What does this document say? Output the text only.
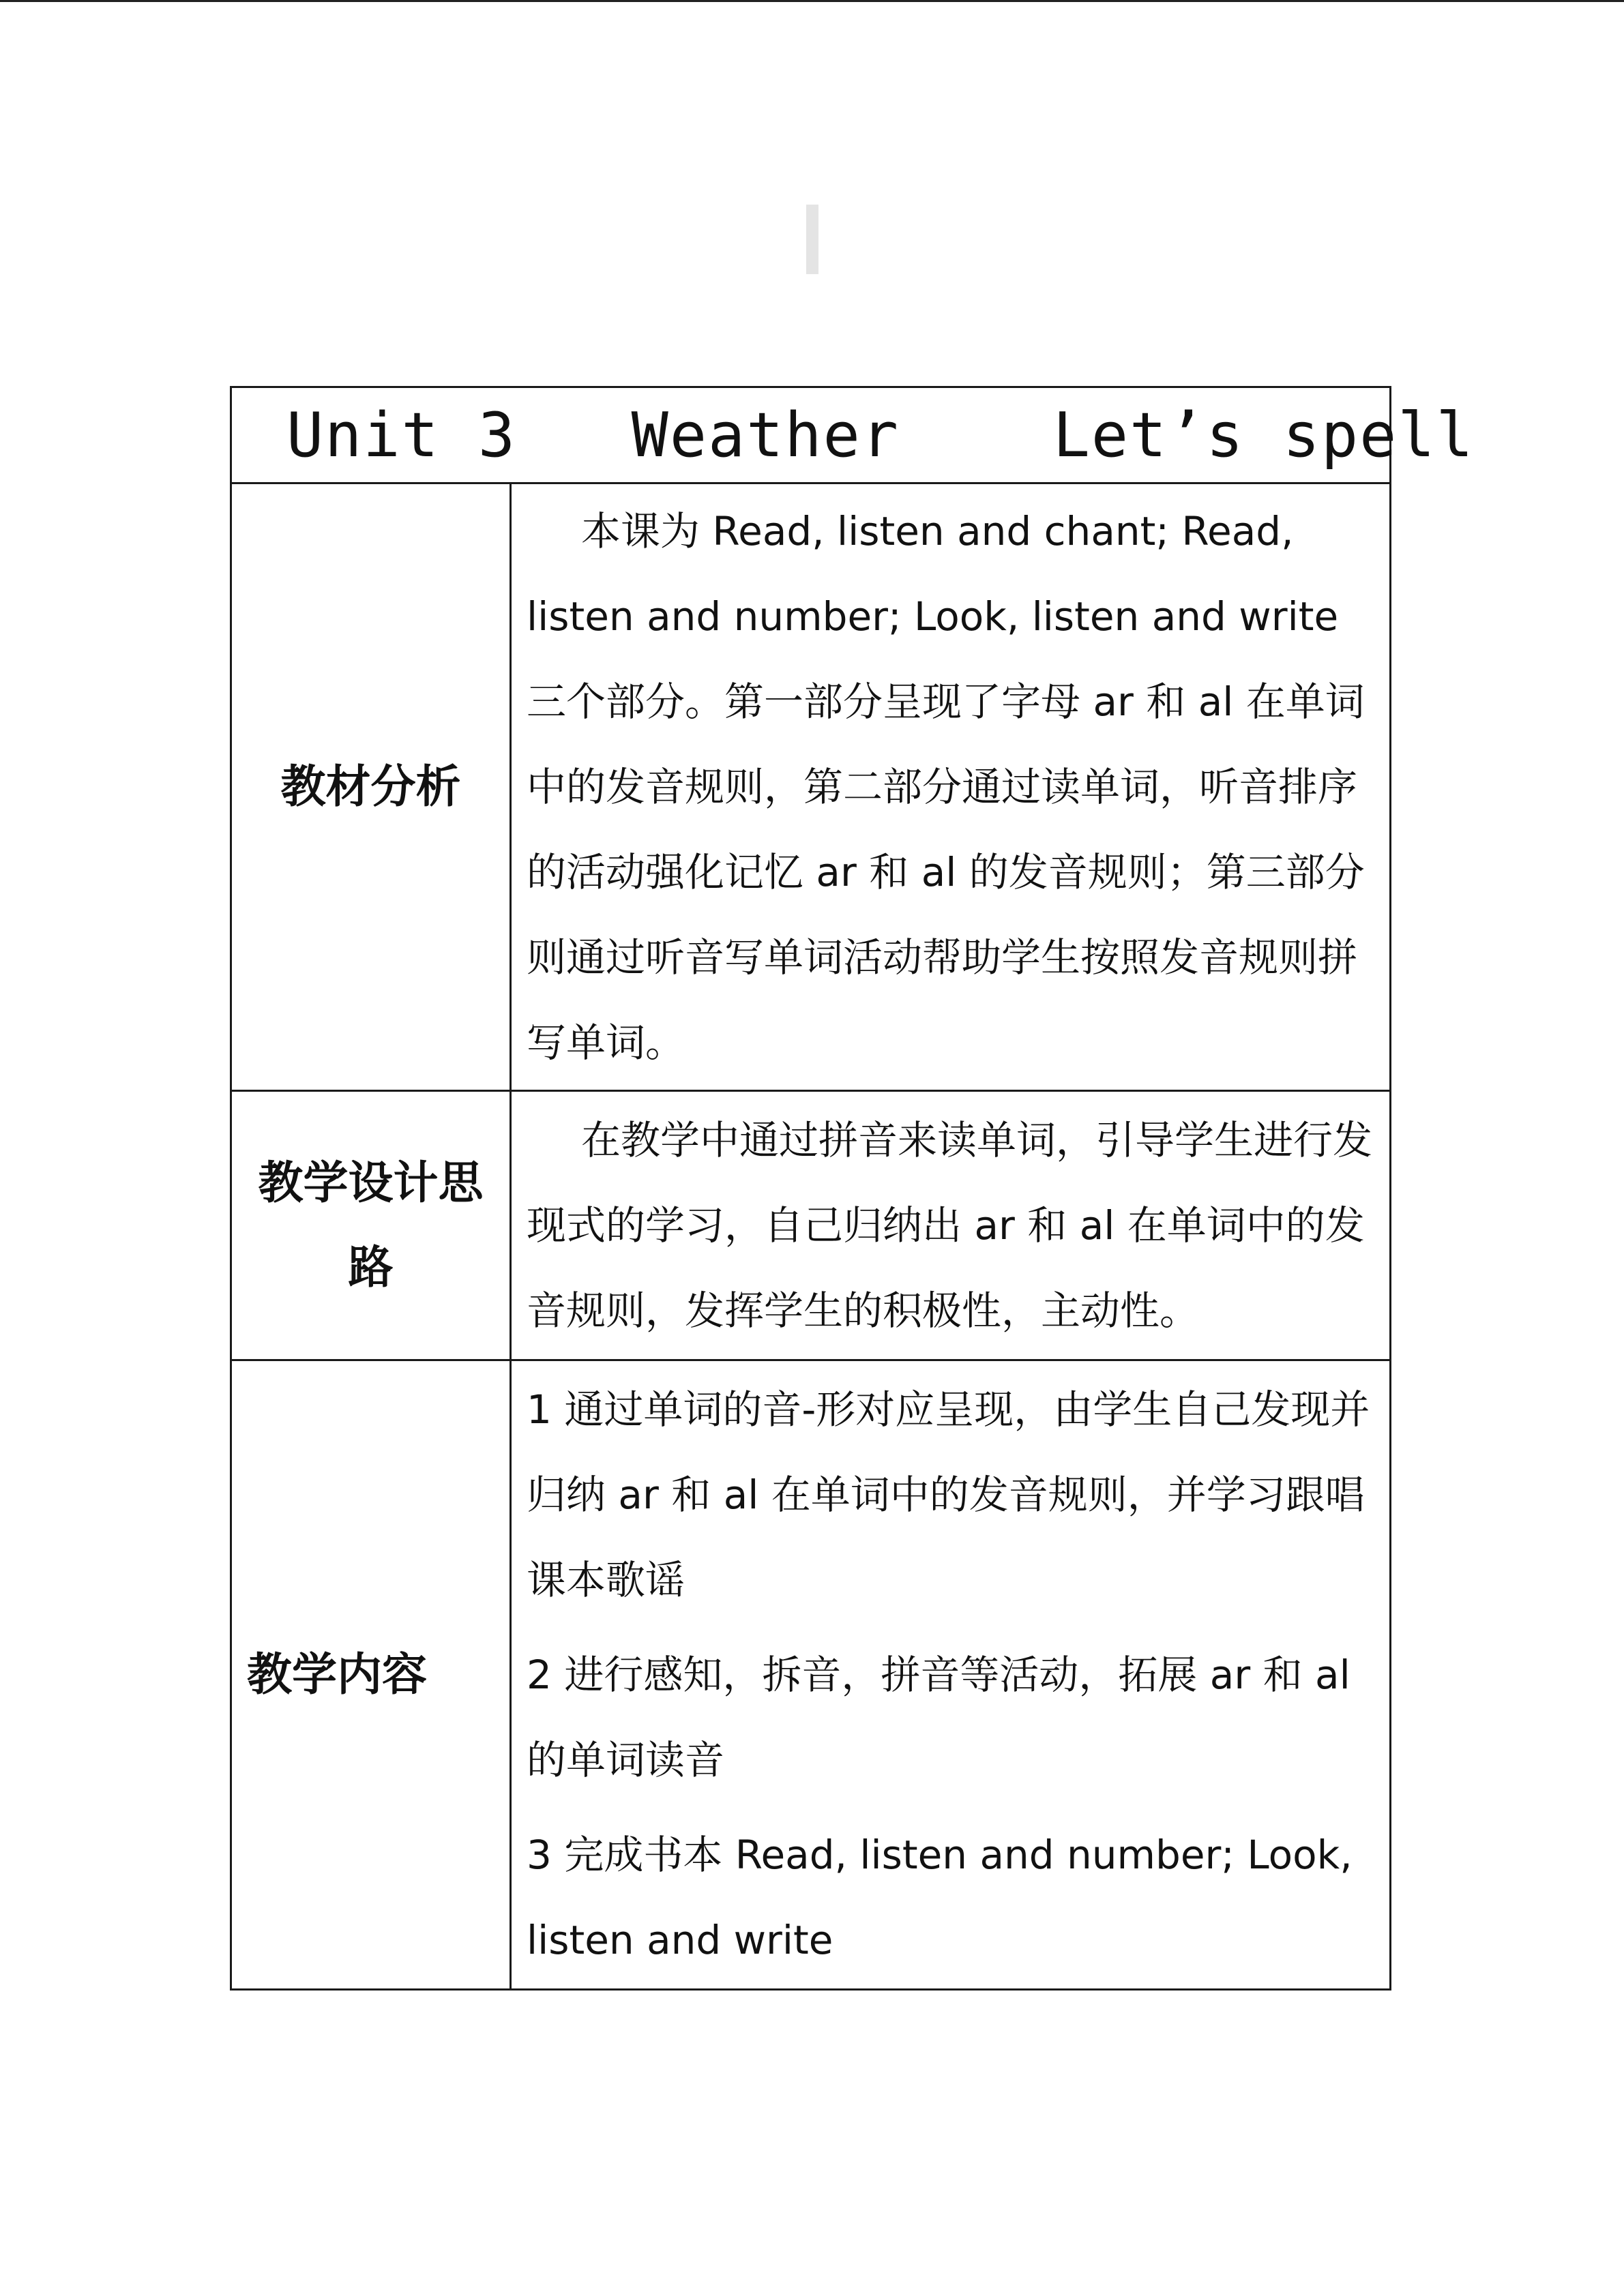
Unit 3   Weather    Let’s spell	
教材分析	本课为 Read, listen and chant; Read, listen and number; Look, listen and write 三个部分。第一部分呈现了字母 ar 和 al 在单词中的发音规则，第二部分通过读单词，听音排序的活动强化记忆 ar 和 al 的发音规则；第三部分则通过听音写单词活动帮助学生按照发音规则拼写单词。
教学设计思路	在教学中通过拼音来读单词，引导学生进行发现式的学习，自己归纳出 ar 和 al 在单词中的发音规则，发挥学生的积极性，主动性。
教学内容	1 通过单词的音-形对应呈现，由学生自己发现并归纳 ar 和 al 在单词中的发音规则，并学习跟唱课本歌谣

2 进行感知，拆音，拼音等活动，拓展 ar 和 al 的单词读音

3 完成书本 Read, listen and number; Look, listen and write
